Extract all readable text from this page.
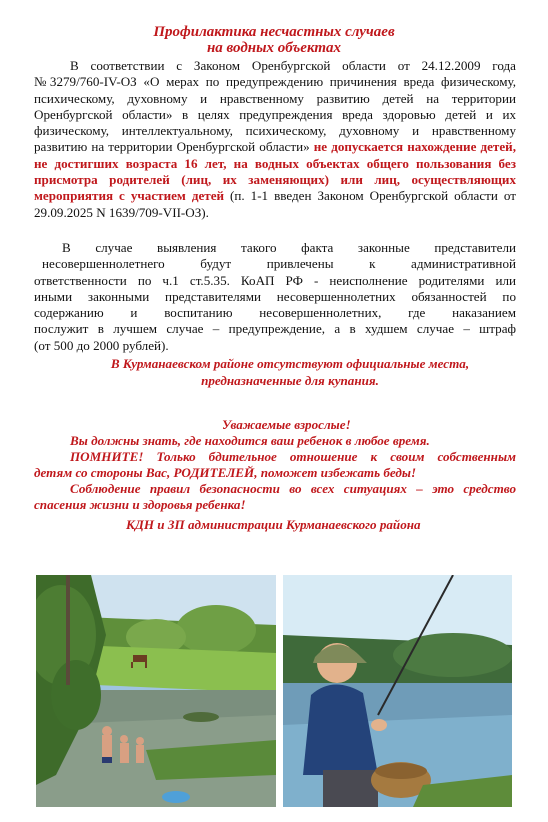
Профилактика несчастных случаев
на водных объектах
В соответствии с Законом Оренбургской области от 24.12.2009 года №3279/760-IV-ОЗ «О мерах по предупреждению причинения вреда физическому, психическому, духовному и нравственному развитию детей на территории Оренбургской области» в целях предупреждения вреда здоровью детей и их физическому, интеллектуальному, психическому, духовному и нравственному развитию на территории Оренбургской области» не допускается нахождение детей, не достигших возраста 16 лет, на водных объектах общего пользования без присмотра родителей (лиц, их заменяющих) или лиц, осуществляющих мероприятия с участием детей (п. 1-1 введен Законом Оренбургской области от 29.09.2025 N 1639/709-VII-ОЗ).
В случае выявления такого факта законные представители
несовершеннолетнего будут привлечены к административной
ответственности по ч.1 ст.5.35. КоАП РФ - неисполнение родителями или
иными законными представителями несовершеннолетних обязанностей по
содержанию и воспитанию несовершеннолетних, где наказанием
послужит в лучшем случае – предупреждение, а в худшем случае – штраф
(от 500 до 2000 рублей).
В Курманаевском районе отсутствуют официальные места,
предназначенные для купания.
Уважаемые взрослые!
Вы должны знать, где находится ваш ребенок в любое время.
ПОМНИТЕ! Только бдительное отношение к своим собственным
детям со стороны Вас, РОДИТЕЛЕЙ, поможет избежать беды!
Соблюдение правил безопасности во всех ситуациях – это средство
спасения жизни и здоровья ребенка!
КДН и ЗП администрации Курманаевского района
